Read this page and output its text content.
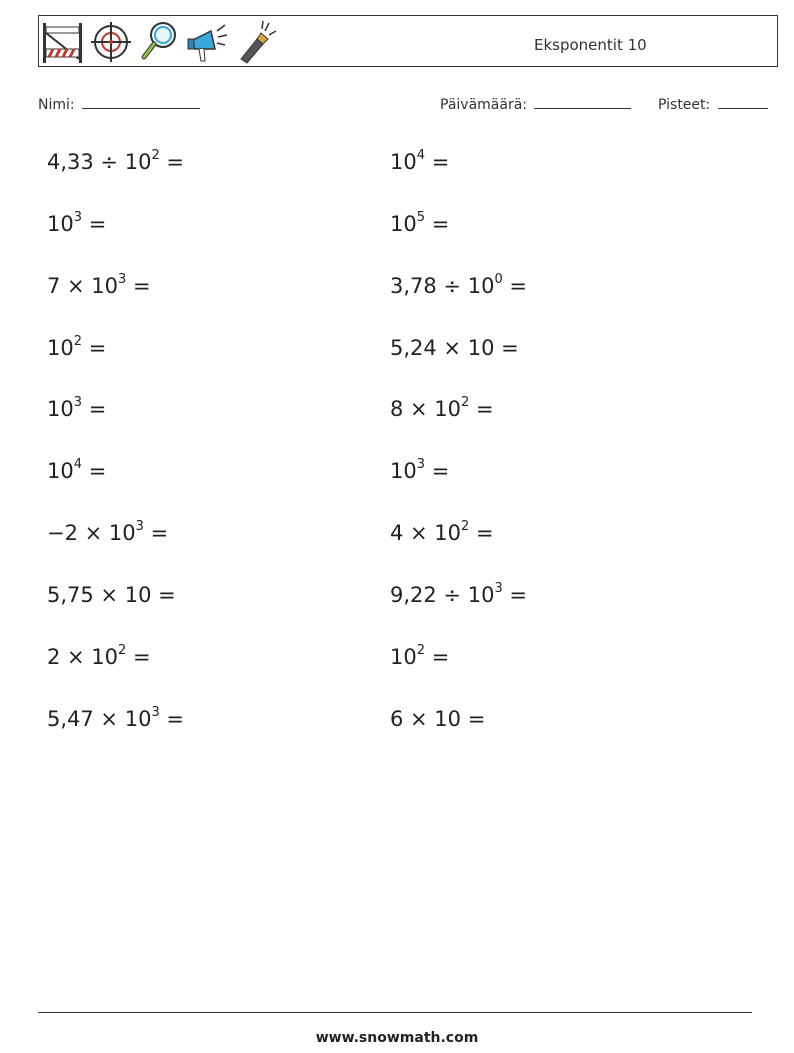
Eksponentit 10
Nimi:	Päivämäärä:	Pisteet:
$4,33 \div 10^2$ =	$10^4$ =
$10^3$ =	$10^5$ =
$7 \times 10^3$ =	$3,78 \div 10^0$ =
$10^2$ =	5,24 × 10 =
$10^3$ =	$8 \times 10^2$ =
$10^4$ =	$10^3$ =
$-2 \times 10^3$ =	$4 \times 10^2$ =
5,75 × 10 =	$9,22 \div 10^3$ =
$2 \times 10^2$ =	$10^2$ =
$5,47 \times 10^3$ =	6 × 10 =
www.snowmath.com
